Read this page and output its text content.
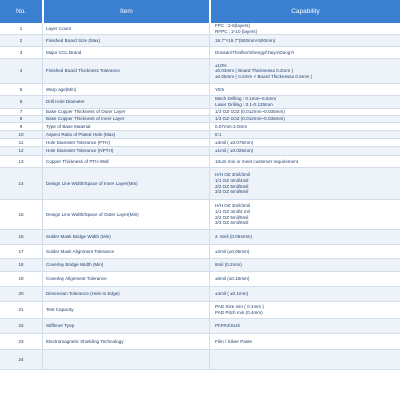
No.	Item	Capability
1	Layer Count
FPC : 2-6(layers)
RFPC : 2-10 (layers)
2	Finished Board Size (Max)	19.7"×19.7"(500mm×500mm)
3	Major CCL Brand	Doosan\Thinflex\Shengyi\Taiyo\DongYi
4	Finished Board Thickness Tolerance
±10%
±0.03mm ( Board Thickness≤ 0.2mm )
±0.05mm ( 0.2mm < Board Thickness≤ 0.5mm )
5	Warp age(Min)	YES
6	Drill Hole Diameter
Mech Drilling : 0.1mm~6.5mm
Laser Drilling : 0.1-0.125mm
7	Base Copper Thickness of Outer Layer	1/3 OZ-1OZ (0.012mm~0.035mm)
8	Base Copper Thickness of Inner Layer	1/3 OZ-1OZ (0.012mm~0.035mm)
9	Type of Base Material	0.07mm-2.0mm
10	Aspect Ratio of Plated Hole (Max)	8:1
11	Hole Diameter Tolerance (PTH)	±3mil ( ±0.075mm)
12	Hole Diameter Tolerance (NPTH)	±1mil ( ±0.025mm)
13	Copper Thickness of PTH Wall	10um min or meet customer requirement
14	Design Line Width/Space of Inner Layer(Min)
H/H OZ 3mil/3mil
1/1 OZ 4mil/4mil
2/2 OZ 5mil/5mil
3/3 OZ 6mil/6mil
15	Design Line Width/Space of Outer Layer(Min)
H/H OZ 3mil/3mil
1/1 OZ 4mil/4 mil
2/2 OZ 5mil/5mil
3/3 OZ 6mil/6mil
16	Solder Mask Bridge Width (Min)	2. 5mil (0.064mm)
17	Solder Mask Alignment Tolerance	±2mil (±0.05mm)
18	Coverlay Bridge Width (Min)	8mil (0.2mm)
19	Coverlay Alignment Tolerance	±6mil (±0.15mm)
20	Dimension Tolerance (Hole to Edge)	±4mil ( ±0.1mm)
21	Test Capacity
PAD Size min ( 0.1mm )
PAD Pitch min (0.4mm)
22	Stiffener Tyep	PI\FR4\SUS
23	Electromagnetic Shielding Technology	Film / Silver Paste
24
